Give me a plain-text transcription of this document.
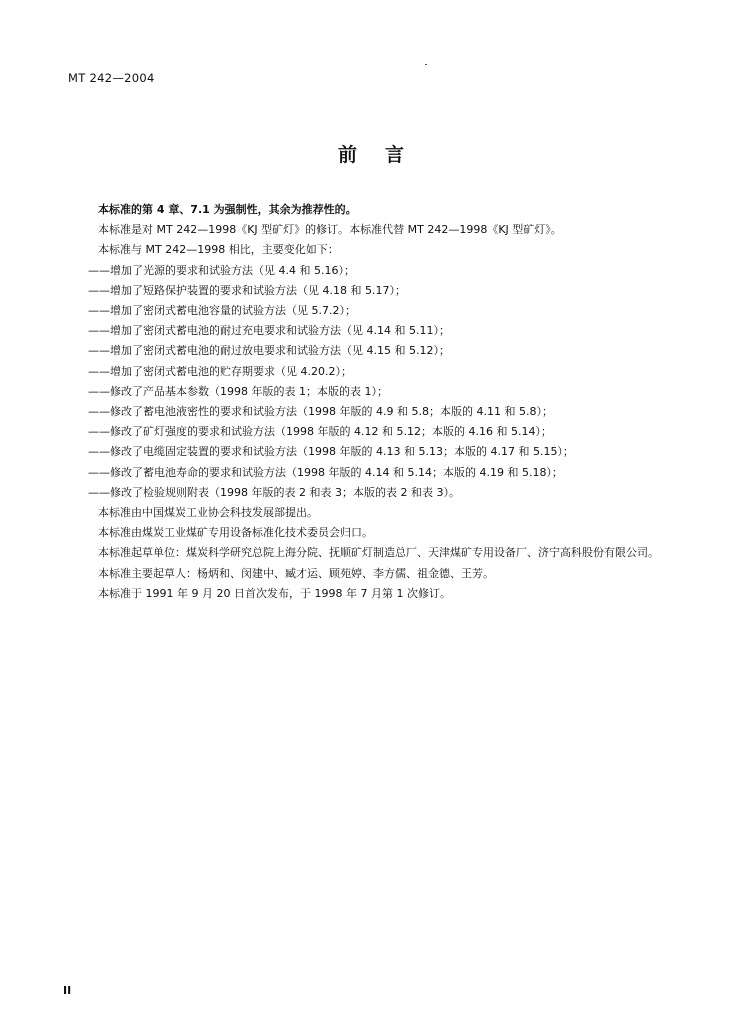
MT 242—2004
前言

本标准的第 4 章、7.1 为强制性，其余为推荐性的。

本标准是对 MT 242—1998《KJ 型矿灯》的修订。本标准代替 MT 242—1998《KJ 型矿灯》。

本标准与 MT 242—1998 相比，主要变化如下：

——增加了光源的要求和试验方法（见 4.4 和 5.16）；

——增加了短路保护装置的要求和试验方法（见 4.18 和 5.17）；

——增加了密闭式蓄电池容量的试验方法（见 5.7.2）；

——增加了密闭式蓄电池的耐过充电要求和试验方法（见 4.14 和 5.11）；

——增加了密闭式蓄电池的耐过放电要求和试验方法（见 4.15 和 5.12）；

——增加了密闭式蓄电池的贮存期要求（见 4.20.2）；

——修改了产品基本参数（1998 年版的表 1；本版的表 1）；

——修改了蓄电池液密性的要求和试验方法（1998 年版的 4.9 和 5.8；本版的 4.11 和 5.8）；

——修改了矿灯强度的要求和试验方法（1998 年版的 4.12 和 5.12；本版的 4.16 和 5.14）；

——修改了电缆固定装置的要求和试验方法（1998 年版的 4.13 和 5.13；本版的 4.17 和 5.15）；

——修改了蓄电池寿命的要求和试验方法（1998 年版的 4.14 和 5.14；本版的 4.19 和 5.18）；

——修改了检验规则附表（1998 年版的表 2 和表 3；本版的表 2 和表 3）。

本标准由中国煤炭工业协会科技发展部提出。

本标准由煤炭工业煤矿专用设备标准化技术委员会归口。

本标准起草单位：煤炭科学研究总院上海分院、抚顺矿灯制造总厂、天津煤矿专用设备厂、济宁高科股份有限公司。

本标准主要起草人：杨炳和、闵建中、臧才运、顾苑婷、李方儒、祖金德、王芳。

本标准于 1991 年 9 月 20 日首次发布，于 1998 年 7 月第 1 次修订。

II
